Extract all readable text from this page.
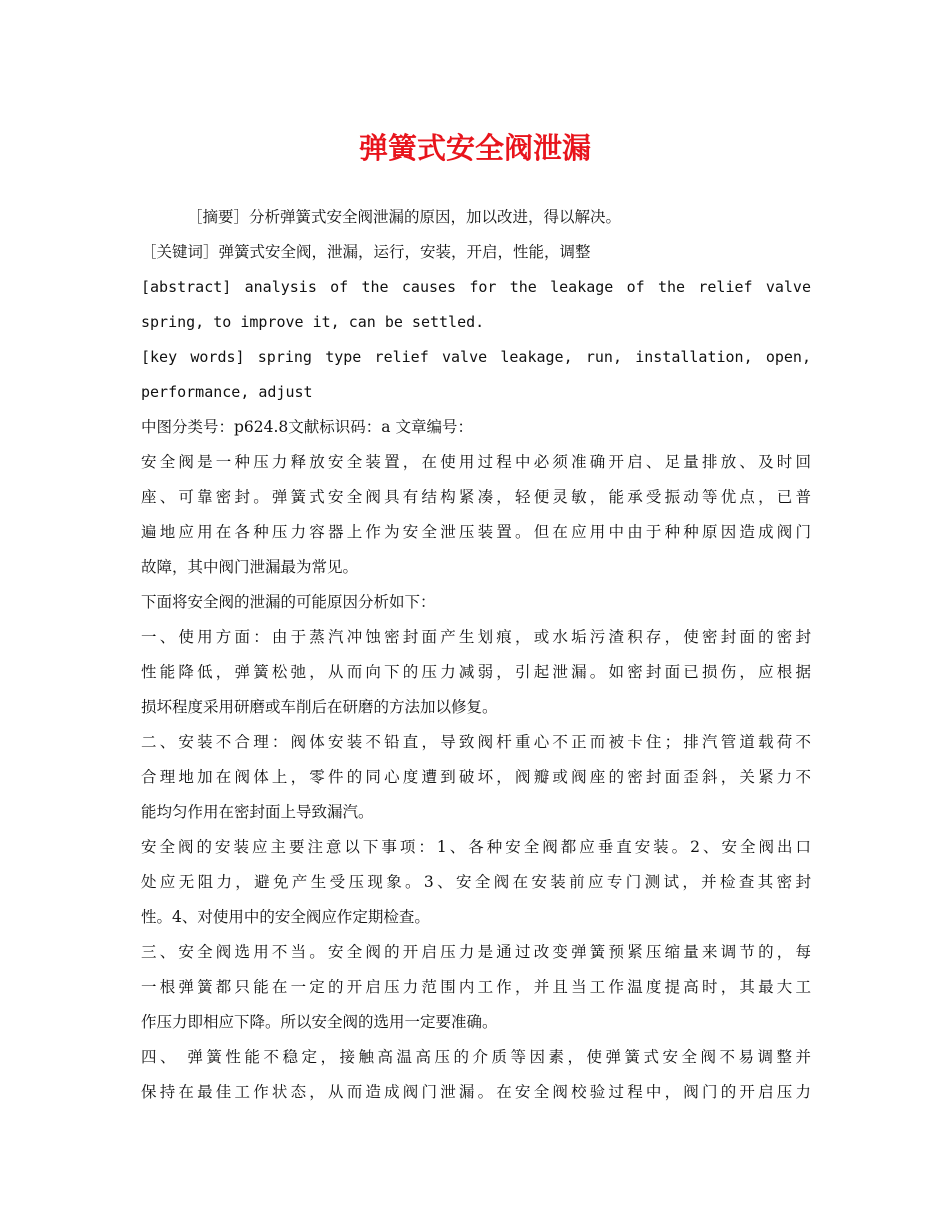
弹簧式安全阀泄漏
［摘要］分析弹簧式安全阀泄漏的原因，加以改进，得以解决。
［关键词］弹簧式安全阀，泄漏，运行，安装，开启，性能，调整
[abstract] analysis of the causes for the leakage of the relief valve
spring, to improve it, can be settled.
[key words] spring type relief valve leakage, run, installation, open,
performance, adjust
中图分类号：p624.8文献标识码：a 文章编号：
安全阀是一种压力释放安全装置，在使用过程中必须准确开启、足量排放、及时回
座、可靠密封。弹簧式安全阀具有结构紧凑，轻便灵敏，能承受振动等优点，已普
遍地应用在各种压力容器上作为安全泄压装置。但在应用中由于种种原因造成阀门
故障，其中阀门泄漏最为常见。
下面将安全阀的泄漏的可能原因分析如下：
一、使用方面：由于蒸汽冲蚀密封面产生划痕，或水垢污渣积存，使密封面的密封
性能降低，弹簧松弛，从而向下的压力减弱，引起泄漏。如密封面已损伤，应根据
损坏程度采用研磨或车削后在研磨的方法加以修复。
二、安装不合理：阀体安装不铅直，导致阀杆重心不正而被卡住；排汽管道载荷不
合理地加在阀体上，零件的同心度遭到破坏，阀瓣或阀座的密封面歪斜，关紧力不
能均匀作用在密封面上导致漏汽。
安全阀的安装应主要注意以下事项：1、各种安全阀都应垂直安装。2、安全阀出口
处应无阻力，避免产生受压现象。3、安全阀在安装前应专门测试，并检查其密封
性。4、对使用中的安全阀应作定期检查。
三、安全阀选用不当。安全阀的开启压力是通过改变弹簧预紧压缩量来调节的，每
一根弹簧都只能在一定的开启压力范围内工作，并且当工作温度提高时，其最大工
作压力即相应下降。所以安全阀的选用一定要准确。
四、 弹簧性能不稳定，接触高温高压的介质等因素，使弹簧式安全阀不易调整并
保持在最佳工作状态，从而造成阀门泄漏。在安全阀校验过程中，阀门的开启压力
